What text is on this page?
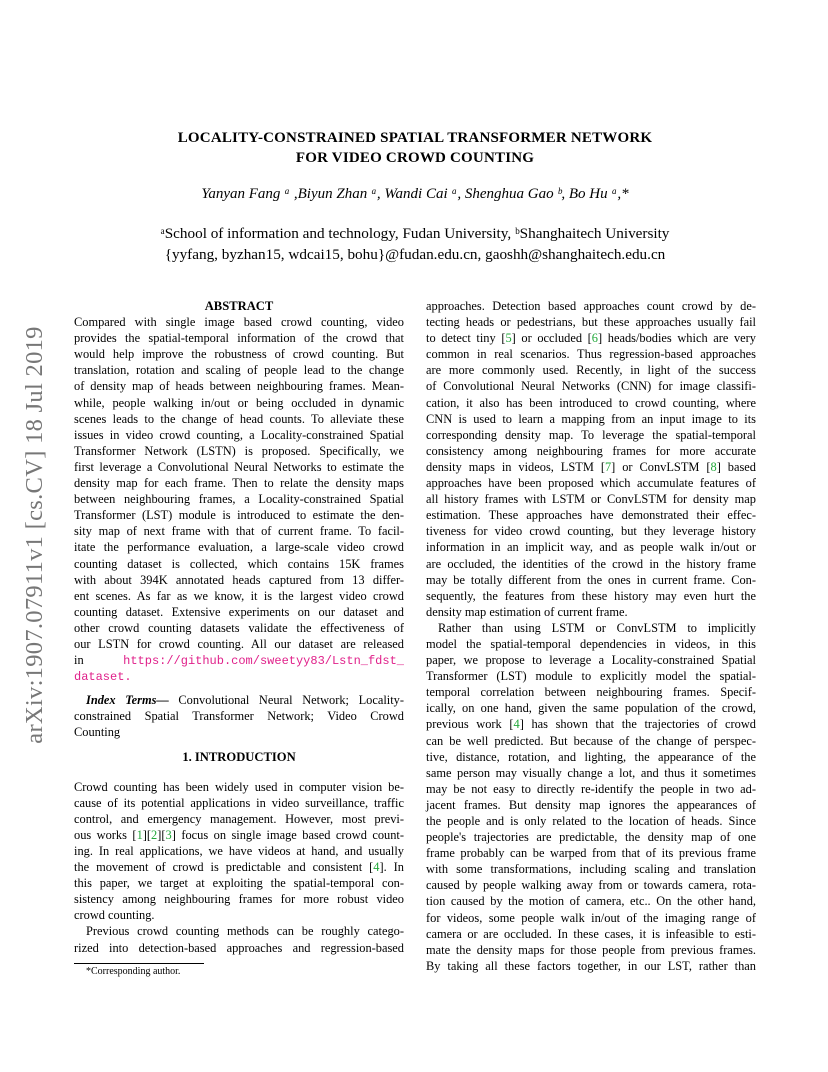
arXiv:1907.07911v1 [cs.CV] 18 Jul 2019
LOCALITY-CONSTRAINED SPATIAL TRANSFORMER NETWORK
FOR VIDEO CROWD COUNTING
Yanyan Fang ᵃ ,Biyun Zhan ᵃ, Wandi Cai ᵃ, Shenghua Gao ᵇ, Bo Hu ᵃ,*
ᵃSchool of information and technology, Fudan University, ᵇShanghaitech University
{yyfang, byzhan15, wdcai15, bohu}@fudan.edu.cn, gaoshh@shanghaitech.edu.cn
ABSTRACT
Compared with single image based crowd counting, video
provides the spatial-temporal information of the crowd that
would help improve the robustness of crowd counting. But
translation, rotation and scaling of people lead to the change
of density map of heads between neighbouring frames. Mean-
while, people walking in/out or being occluded in dynamic
scenes leads to the change of head counts. To alleviate these
issues in video crowd counting, a Locality-constrained Spatial
Transformer Network (LSTN) is proposed. Specifically, we
first leverage a Convolutional Neural Networks to estimate the
density map for each frame. Then to relate the density maps
between neighbouring frames, a Locality-constrained Spatial
Transformer (LST) module is introduced to estimate the den-
sity map of next frame with that of current frame. To facil-
itate the performance evaluation, a large-scale video crowd
counting dataset is collected, which contains 15K frames
with about 394K annotated heads captured from 13 differ-
ent scenes. As far as we know, it is the largest video crowd
counting dataset. Extensive experiments on our dataset and
other crowd counting datasets validate the effectiveness of
our LSTN for crowd counting. All our dataset are released
in https://github.com/sweetyy83/Lstn_fdst_
dataset.
Index Terms— Convolutional Neural Network; Locality-
constrained Spatial Transformer Network; Video Crowd
Counting
1. INTRODUCTION
Crowd counting has been widely used in computer vision be-
cause of its potential applications in video surveillance, traffic
control, and emergency management. However, most previ-
ous works [1][2][3] focus on single image based crowd count-
ing. In real applications, we have videos at hand, and usually
the movement of crowd is predictable and consistent [4]. In
this paper, we target at exploiting the spatial-temporal con-
sistency among neighbouring frames for more robust video
crowd counting.
Previous crowd counting methods can be roughly catego-
rized into detection-based approaches and regression-based
approaches. Detection based approaches count crowd by de-
tecting heads or pedestrians, but these approaches usually fail
to detect tiny [5] or occluded [6] heads/bodies which are very
common in real scenarios. Thus regression-based approaches
are more commonly used. Recently, in light of the success
of Convolutional Neural Networks (CNN) for image classifi-
cation, it also has been introduced to crowd counting, where
CNN is used to learn a mapping from an input image to its
corresponding density map. To leverage the spatial-temporal
consistency among neighbouring frames for more accurate
density maps in videos, LSTM [7] or ConvLSTM [8] based
approaches have been proposed which accumulate features of
all history frames with LSTM or ConvLSTM for density map
estimation. These approaches have demonstrated their effec-
tiveness for video crowd counting, but they leverage history
information in an implicit way, and as people walk in/out or
are occluded, the identities of the crowd in the history frame
may be totally different from the ones in current frame. Con-
sequently, the features from these history may even hurt the
density map estimation of current frame.
Rather than using LSTM or ConvLSTM to implicitly
model the spatial-temporal dependencies in videos, in this
paper, we propose to leverage a Locality-constrained Spatial
Transformer (LST) module to explicitly model the spatial-
temporal correlation between neighbouring frames. Specif-
ically, on one hand, given the same population of the crowd,
previous work [4] has shown that the trajectories of crowd
can be well predicted. But because of the change of perspec-
tive, distance, rotation, and lighting, the appearance of the
same person may visually change a lot, and thus it sometimes
may be not easy to directly re-identify the people in two ad-
jacent frames. But density map ignores the appearances of
the people and is only related to the location of heads. Since
people's trajectories are predictable, the density map of one
frame probably can be warped from that of its previous frame
with some transformations, including scaling and translation
caused by people walking away from or towards camera, rota-
tion caused by the motion of camera, etc.. On the other hand,
for videos, some people walk in/out of the imaging range of
camera or are occluded. In these cases, it is infeasible to esti-
mate the density maps for those people from previous frames.
By taking all these factors together, in our LST, rather than
*Corresponding author.
